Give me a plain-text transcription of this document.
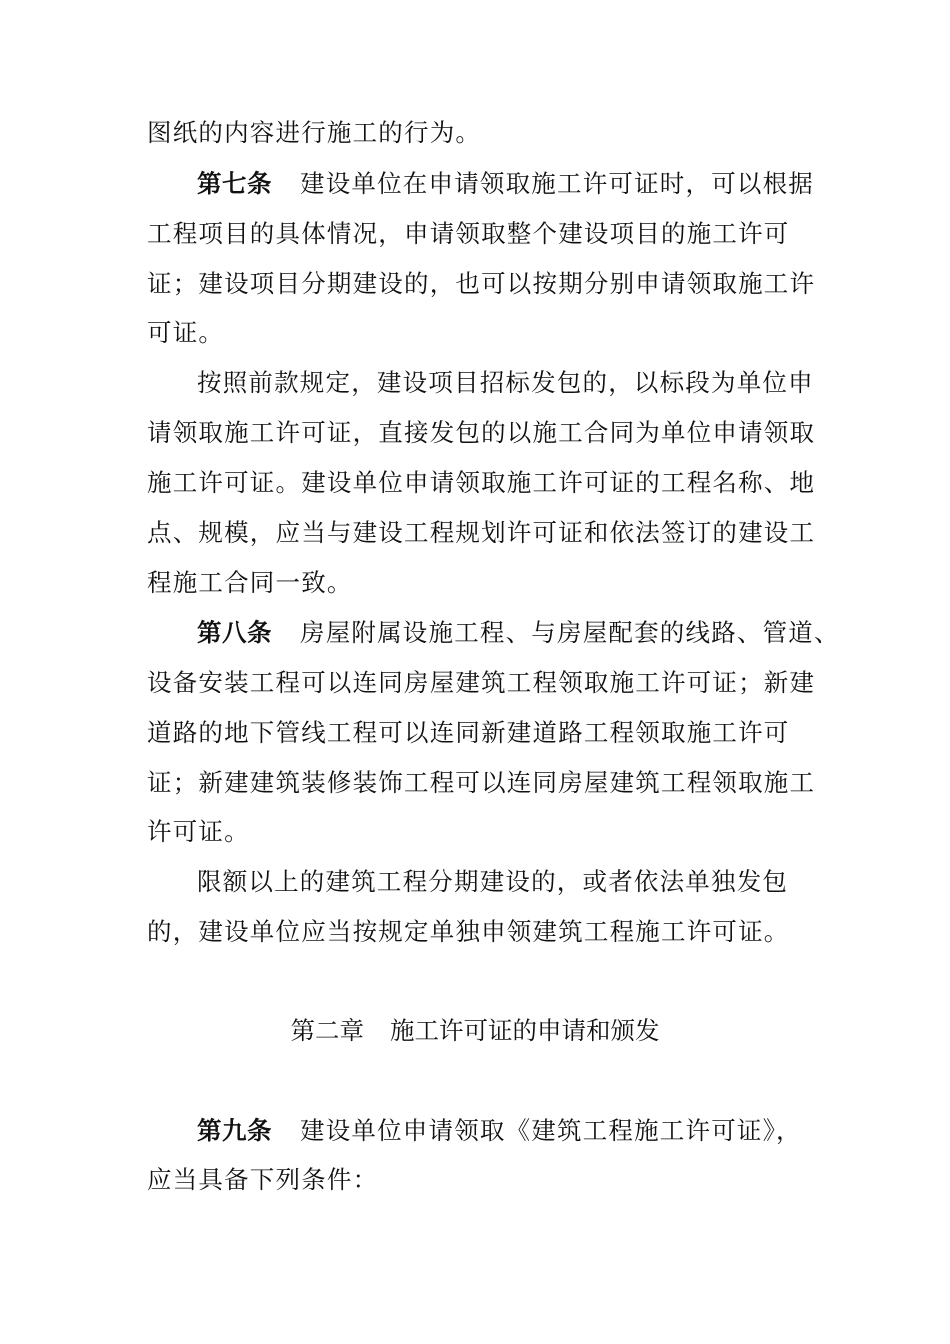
图纸的内容进行施工的行为。
第七条 建设单位在申请领取施工许可证时，可以根据
工程项目的具体情况，申请领取整个建设项目的施工许可
证；建设项目分期建设的，也可以按期分别申请领取施工许
可证。
按照前款规定，建设项目招标发包的，以标段为单位申
请领取施工许可证，直接发包的以施工合同为单位申请领取
施工许可证。建设单位申请领取施工许可证的工程名称、地
点、规模，应当与建设工程规划许可证和依法签订的建设工
程施工合同一致。
第八条 房屋附属设施工程、与房屋配套的线路、管道、
设备安装工程可以连同房屋建筑工程领取施工许可证；新建
道路的地下管线工程可以连同新建道路工程领取施工许可
证；新建建筑装修装饰工程可以连同房屋建筑工程领取施工
许可证。
限额以上的建筑工程分期建设的，或者依法单独发包
的，建设单位应当按规定单独申领建筑工程施工许可证。
第二章 施工许可证的申请和颁发
第九条 建设单位申请领取《建筑工程施工许可证》，
应当具备下列条件：
